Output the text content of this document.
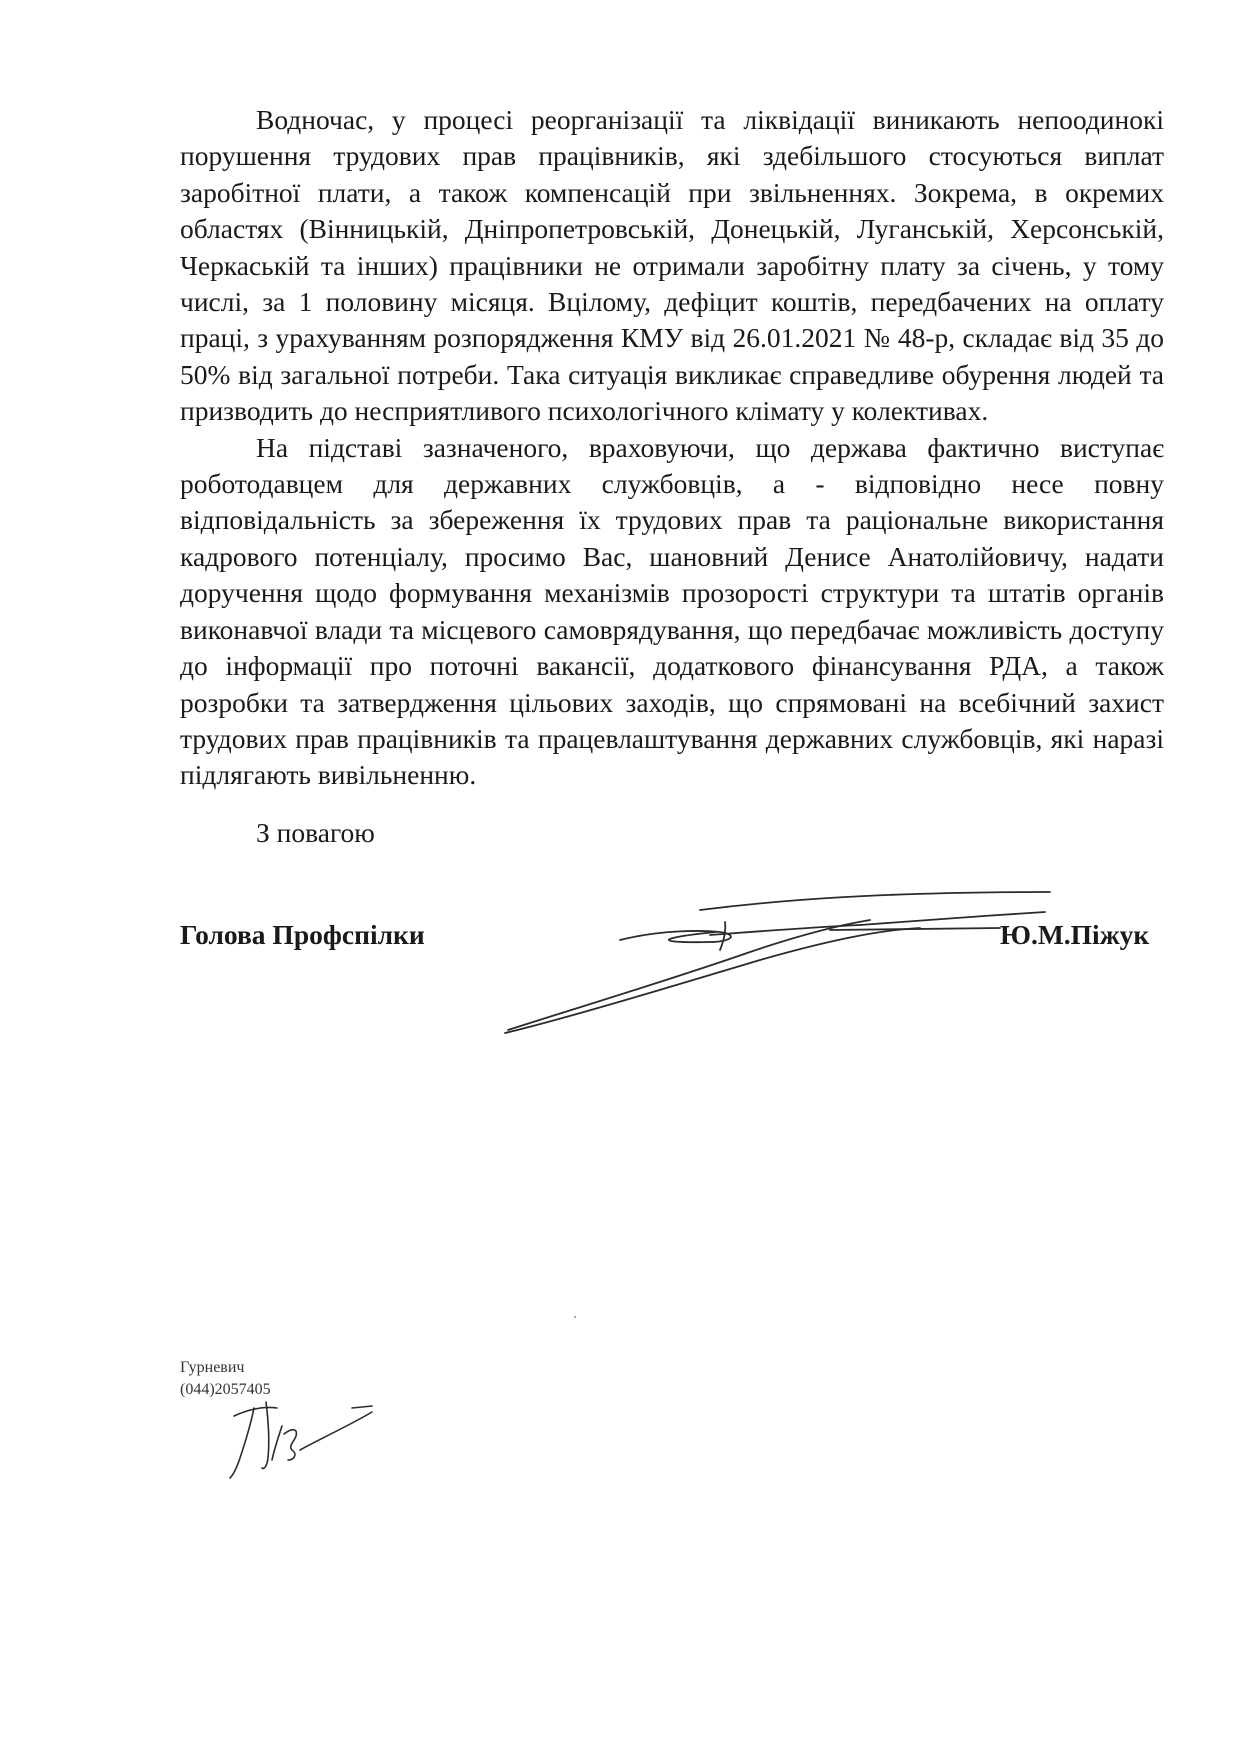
Водночас, у процесі реорганізації та ліквідації виникають непоодинокі порушення трудових прав працівників, які здебільшого стосуються виплат заробітної плати, а також компенсацій при звільненнях. Зокрема, в окремих областях (Вінницькій, Дніпропетровській, Донецькій, Луганській, Херсонській, Черкаській та інших) працівники не отримали заробітну плату за січень, у тому числі, за 1 половину місяця. Вцілому, дефіцит коштів, передбачених на оплату праці, з урахуванням розпорядження КМУ від 26.01.2021 № 48-р, складає від 35 до 50% від загальної потреби. Така ситуація викликає справедливе обурення людей та призводить до несприятливого психологічного клімату у колективах.

На підставі зазначеного, враховуючи, що держава фактично виступає роботодавцем для державних службовців, а - відповідно несе повну відповідальність за збереження їх трудових прав та раціональне використання кадрового потенціалу, просимо Вас, шановний Денисе Анатолійовичу, надати доручення щодо формування механізмів прозорості структури та штатів органів виконавчої влади та місцевого самоврядування, що передбачає можливість доступу до інформації про поточні вакансії, додаткового фінансування РДА, а також розробки та затвердження цільових заходів, що спрямовані на всебічний захист трудових прав працівників та працевлаштування державних службовців, які наразі підлягають вивільненню.

З повагою
Голова Профспілки	Ю.М.Піжук
Гурневич
(044)2057405
